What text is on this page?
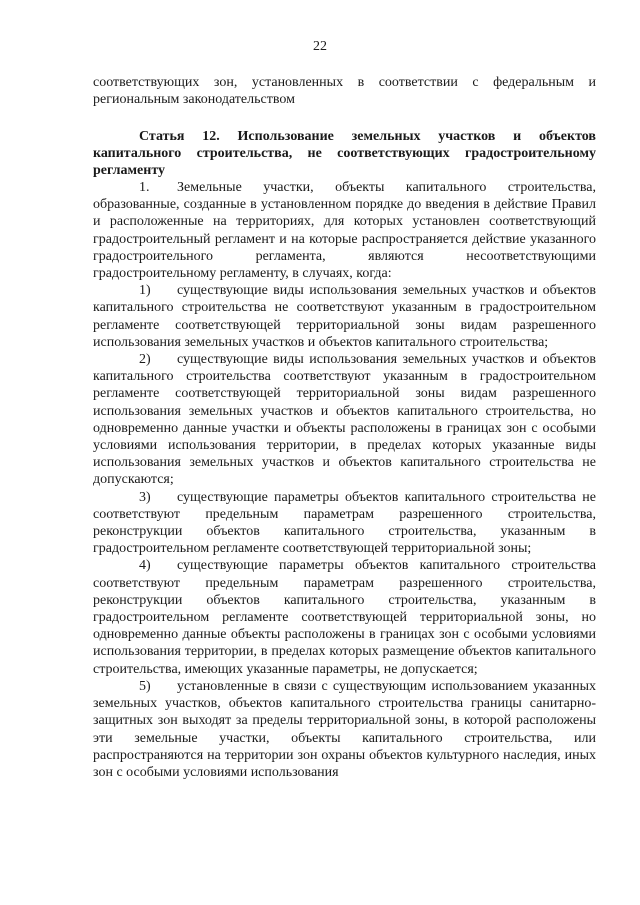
22

соответствующих зон, установленных в соответствии с федеральным и региональным законодательством

Статья 12. Использование земельных участков и объектов капитального строительства, не соответствующих градостроительному регламенту

1. Земельные участки, объекты капитального строительства, образованные, созданные в установленном порядке до введения в действие Правил и расположенные на территориях, для которых установлен соответствующий градостроительный регламент и на которые распространяется действие указанного градостроительного регламента, являются несоответствующими градостроительному регламенту, в случаях, когда:

1) существующие виды использования земельных участков и объектов капитального строительства не соответствуют указанным в градостроительном регламенте соответствующей территориальной зоны видам разрешенного использования земельных участков и объектов капитального строительства;

2) существующие виды использования земельных участков и объектов капитального строительства соответствуют указанным в градостроительном регламенте соответствующей территориальной зоны видам разрешенного использования земельных участков и объектов капитального строительства, но одновременно данные участки и объекты расположены в границах зон с особыми условиями использования территории, в пределах которых указанные виды использования земельных участков и объектов капитального строительства не допускаются;

3) существующие параметры объектов капитального строительства не соответствуют предельным параметрам разрешенного строительства, реконструкции объектов капитального строительства, указанным в градостроительном регламенте соответствующей территориальной зоны;

4) существующие параметры объектов капитального строительства соответствуют предельным параметрам разрешенного строительства, реконструкции объектов капитального строительства, указанным в градостроительном регламенте соответствующей территориальной зоны, но одновременно данные объекты расположены в границах зон с особыми условиями использования территории, в пределах которых размещение объектов капитального строительства, имеющих указанные параметры, не допускается;

5) установленные в связи с существующим использованием указанных земельных участков, объектов капитального строительства границы санитарно-защитных зон выходят за пределы территориальной зоны, в которой расположены эти земельные участки, объекты капитального строительства, или распространяются на территории зон охраны объектов культурного наследия, иных зон с особыми условиями использования
